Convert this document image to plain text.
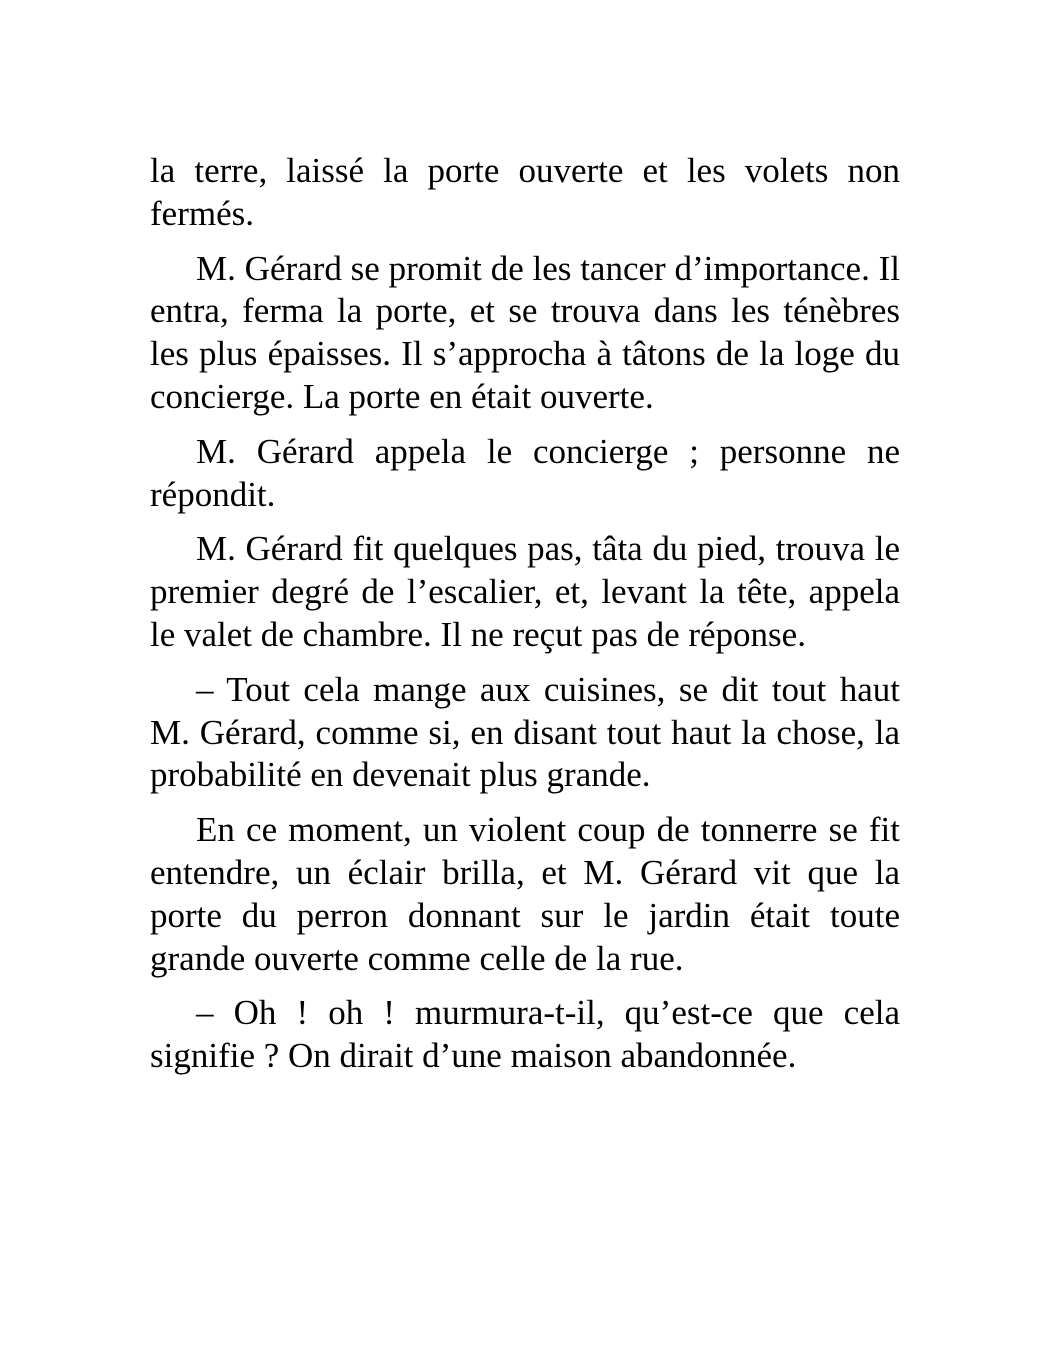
la terre, laissé la porte ouverte et les volets non fermés.

M. Gérard se promit de les tancer d’importance. Il entra, ferma la porte, et se trouva dans les ténèbres les plus épaisses. Il s’approcha à tâtons de la loge du concierge. La porte en était ouverte.

M. Gérard appela le concierge ; personne ne répondit.

M. Gérard fit quelques pas, tâta du pied, trouva le premier degré de l’escalier, et, levant la tête, appela le valet de chambre. Il ne reçut pas de réponse.

– Tout cela mange aux cuisines, se dit tout haut M. Gérard, comme si, en disant tout haut la chose, la probabilité en devenait plus grande.

En ce moment, un violent coup de tonnerre se fit entendre, un éclair brilla, et M. Gérard vit que la porte du perron donnant sur le jardin était toute grande ouverte comme celle de la rue.

– Oh ! oh ! murmura-t-il, qu’est-ce que cela signifie ? On dirait d’une maison abandonnée.
